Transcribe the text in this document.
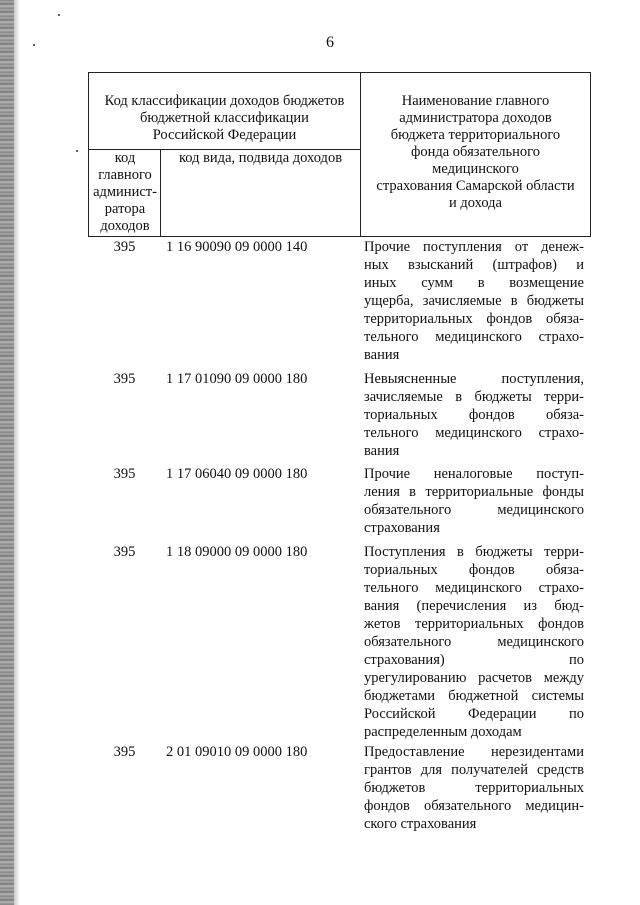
6
Код классификации доходов бюджетов
бюджетной классификации
Российской Федерации
код
главного
админист-
ратора
доходов
код вида, подвида доходов
Наименование главного
администратора доходов
бюджета территориального
фонда обязательного
медицинского
страхования Самарской области
и дохода
395	1 16 90090 09 0000 140	Прочие поступления от денеж-
ных взысканий (штрафов) и
иных сумм в возмещение
ущерба, зачисляемые в бюджеты
территориальных фондов обяза-
тельного медицинского страхо-
вания
395	1 17 01090 09 0000 180	Невыясненные поступления,
зачисляемые в бюджеты терри-
ториальных фондов обяза-
тельного медицинского страхо-
вания
395	1 17 06040 09 0000 180	Прочие неналоговые поступ-
ления в территориальные фонды
обязательного медицинского
страхования
395	1 18 09000 09 0000 180	Поступления в бюджеты терри-
ториальных фондов обяза-
тельного медицинского страхо-
вания (перечисления из бюд-
жетов территориальных фондов
обязательного медицинского
страхования) по
урегулированию расчетов между
бюджетами бюджетной системы
Российской Федерации по
распределенным доходам
395	2 01 09010 09 0000 180	Предоставление нерезидентами
грантов для получателей средств
бюджетов территориальных
фондов обязательного медицин-
ского страхования
